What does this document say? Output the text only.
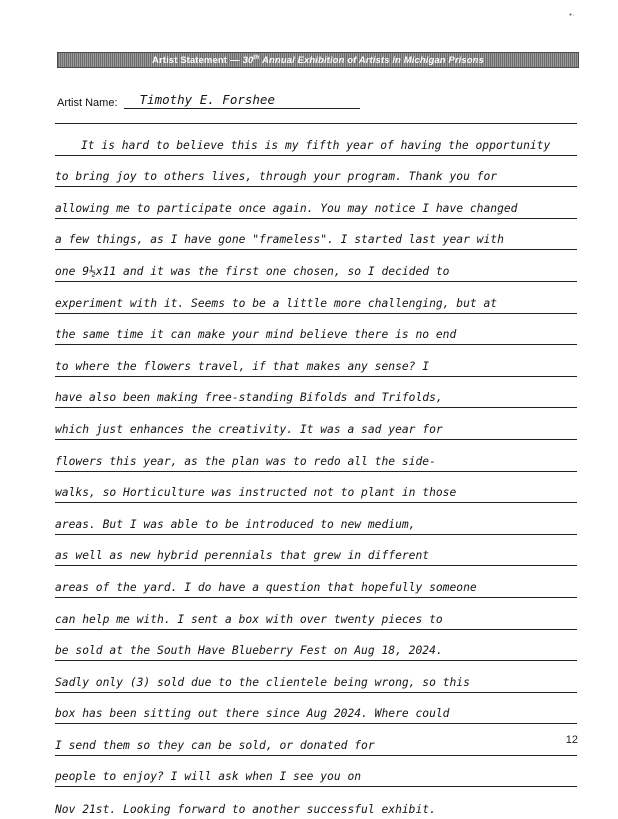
•·
Artist Statement — 30th Annual Exhibition of Artists in Michigan Prisons
Artist Name:	Timothy E. Forshee
It is hard to believe this is my fifth year of having the opportunity
to bring joy to others lives, through your program. Thank you for
allowing me to participate once again. You may notice I have changed
a few things, as I have gone "frameless". I started last year with
one 9½x11 and it was the first one chosen, so I decided to
experiment with it. Seems to be a little more challenging, but at
the same time it can make your mind believe there is no end
to where the flowers travel, if that makes any sense? I
have also been making free-standing Bifolds and Trifolds,
which just enhances the creativity. It was a sad year for
flowers this year, as the plan was to redo all the side-
walks, so Horticulture was instructed not to plant in those
areas. But I was able to be introduced to new medium,
as well as new hybrid perennials that grew in different
areas of the yard. I do have a question that hopefully someone
can help me with. I sent a box with over twenty pieces to
be sold at the South Have Blueberry Fest on Aug 18, 2024.
Sadly only (3) sold due to the clientele being wrong, so this
box has been sitting out there since Aug 2024. Where could
I send them so they can be sold, or donated for
people to enjoy? I will ask when I see you on
Nov 21st. Looking forward to another successful exhibit.
12
